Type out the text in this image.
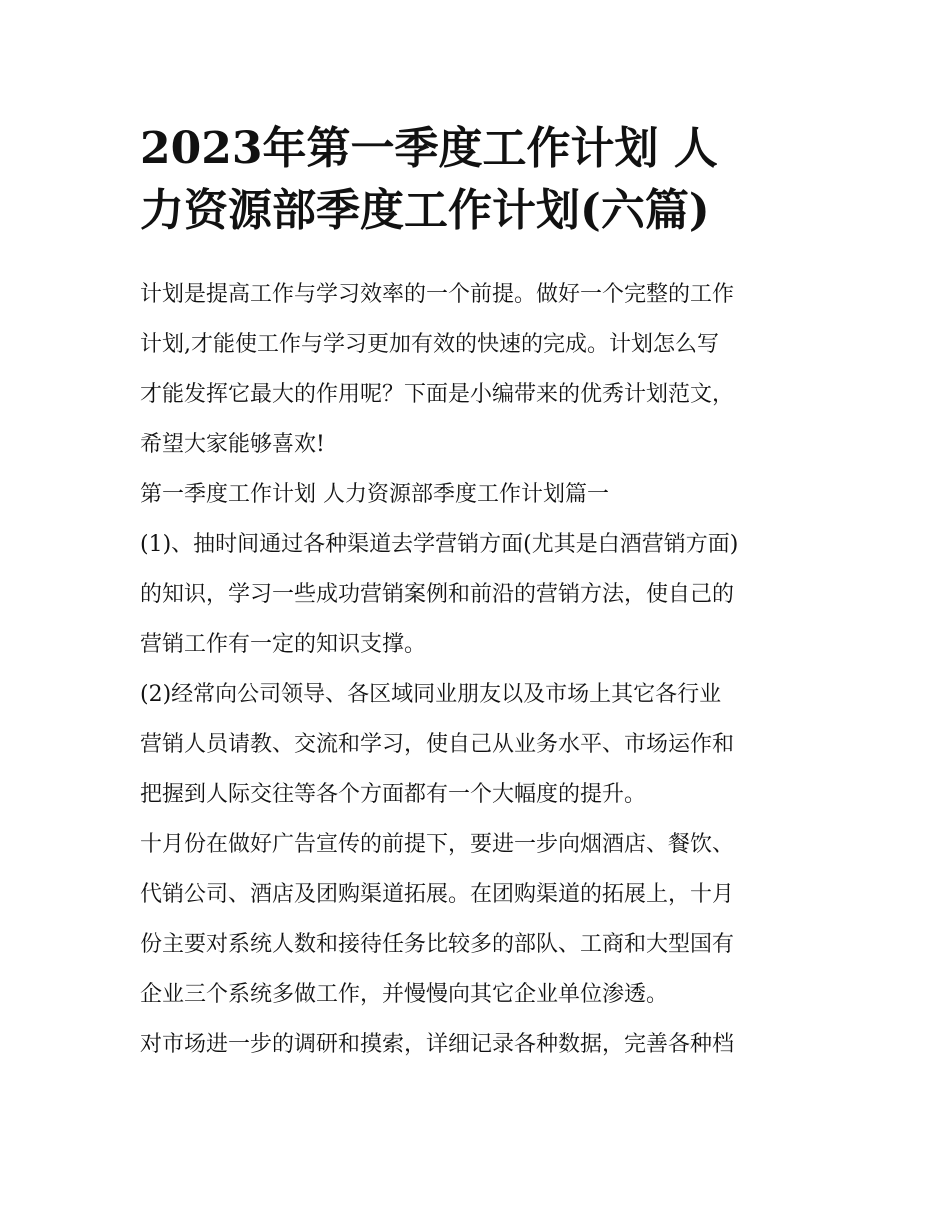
2023年第一季度工作计划 人
力资源部季度工作计划(六篇)

计划是提高工作与学习效率的一个前提。做好一个完整的工作
计划,才能使工作与学习更加有效的快速的完成。计划怎么写
才能发挥它最大的作用呢？下面是小编带来的优秀计划范文，
希望大家能够喜欢!

第一季度工作计划 人力资源部季度工作计划篇一

(1)、抽时间通过各种渠道去学营销方面(尤其是白酒营销方面)
的知识，学习一些成功营销案例和前沿的营销方法，使自己的
营销工作有一定的知识支撑。

(2)经常向公司领导、各区域同业朋友以及市场上其它各行业
营销人员请教、交流和学习，使自己从业务水平、市场运作和
把握到人际交往等各个方面都有一个大幅度的提升。

十月份在做好广告宣传的前提下，要进一步向烟酒店、餐饮、
代销公司、酒店及团购渠道拓展。在团购渠道的拓展上，十月
份主要对系统人数和接待任务比较多的部队、工商和大型国有
企业三个系统多做工作，并慢慢向其它企业单位渗透。

对市场进一步的调研和摸索，详细记录各种数据，完善各种档
